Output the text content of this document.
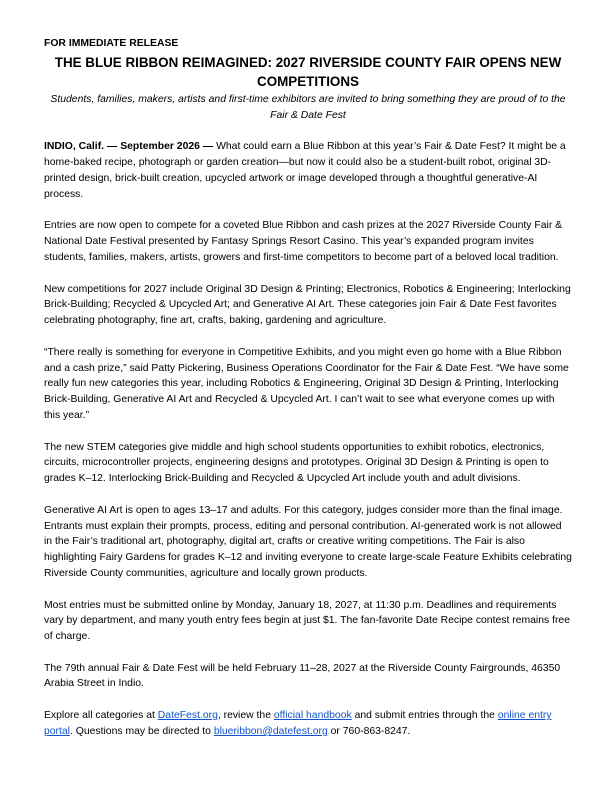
FOR IMMEDIATE RELEASE

THE BLUE RIBBON REIMAGINED: 2027 RIVERSIDE COUNTY FAIR OPENS NEW COMPETITIONS

Students, families, makers, artists and first-time exhibitors are invited to bring something they are proud of to the Fair & Date Fest

INDIO, Calif. — September 2026 — What could earn a Blue Ribbon at this year’s Fair & Date Fest? It might be a home-baked recipe, photograph or garden creation—but now it could also be a student-built robot, original 3D-printed design, brick-built creation, upcycled artwork or image developed through a thoughtful generative-AI process.

Entries are now open to compete for a coveted Blue Ribbon and cash prizes at the 2027 Riverside County Fair & National Date Festival presented by Fantasy Springs Resort Casino. This year’s expanded program invites students, families, makers, artists, growers and first-time competitors to become part of a beloved local tradition.

New competitions for 2027 include Original 3D Design & Printing; Electronics, Robotics & Engineering; Interlocking Brick-Building; Recycled & Upcycled Art; and Generative AI Art. These categories join Fair & Date Fest favorites celebrating photography, fine art, crafts, baking, gardening and agriculture.

“There really is something for everyone in Competitive Exhibits, and you might even go home with a Blue Ribbon and a cash prize,” said Patty Pickering, Business Operations Coordinator for the Fair & Date Fest. “We have some really fun new categories this year, including Robotics & Engineering, Original 3D Design & Printing, Interlocking Brick-Building, Generative AI Art and Recycled & Upcycled Art. I can’t wait to see what everyone comes up with this year.”

The new STEM categories give middle and high school students opportunities to exhibit robotics, electronics, circuits, microcontroller projects, engineering designs and prototypes. Original 3D Design & Printing is open to grades K–12. Interlocking Brick-Building and Recycled & Upcycled Art include youth and adult divisions.

Generative AI Art is open to ages 13–17 and adults. For this category, judges consider more than the final image. Entrants must explain their prompts, process, editing and personal contribution. AI-generated work is not allowed in the Fair’s traditional art, photography, digital art, crafts or creative writing competitions. The Fair is also highlighting Fairy Gardens for grades K–12 and inviting everyone to create large-scale Feature Exhibits celebrating Riverside County communities, agriculture and locally grown products.

Most entries must be submitted online by Monday, January 18, 2027, at 11:30 p.m. Deadlines and requirements vary by department, and many youth entry fees begin at just $1. The fan-favorite Date Recipe contest remains free of charge.

The 79th annual Fair & Date Fest will be held February 11–28, 2027 at the Riverside County Fairgrounds, 46350 Arabia Street in Indio.

Explore all categories at DateFest.org, review the official handbook and submit entries through the online entry portal. Questions may be directed to blueribbon@datefest.org or 760-863-8247.
